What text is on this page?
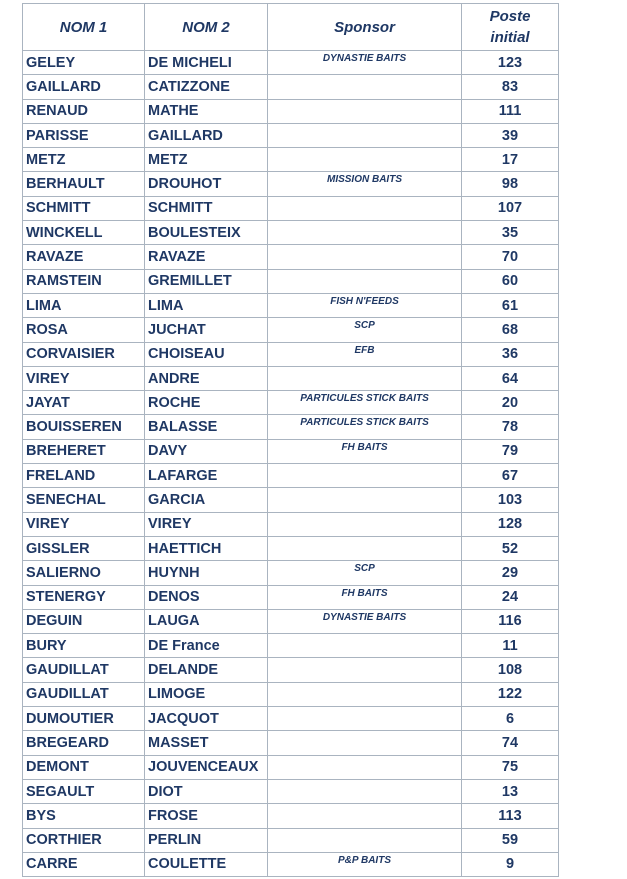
NOM 1	NOM 2	Sponsor	Poste
initial
GELEY	DE MICHELI	DYNASTIE BAITS	123
GAILLARD	CATIZZONE		83
RENAUD	MATHE		111
PARISSE	GAILLARD		39
METZ	METZ		17
BERHAULT	DROUHOT	MISSION BAITS	98
SCHMITT	SCHMITT		107
WINCKELL	BOULESTEIX		35
RAVAZE	RAVAZE		70
RAMSTEIN	GREMILLET		60
LIMA	LIMA	FISH N'FEEDS	61
ROSA	JUCHAT	SCP	68
CORVAISIER	CHOISEAU	EFB	36
VIREY	ANDRE		64
JAYAT	ROCHE	PARTICULES STICK BAITS	20
BOUISSEREN	BALASSE	PARTICULES STICK BAITS	78
BREHERET	DAVY	FH BAITS	79
FRELAND	LAFARGE		67
SENECHAL	GARCIA		103
VIREY	VIREY		128
GISSLER	HAETTICH		52
SALIERNO	HUYNH	SCP	29
STENERGY	DENOS	FH BAITS	24
DEGUIN	LAUGA	DYNASTIE BAITS	116
BURY	DE France		11
GAUDILLAT	DELANDE		108
GAUDILLAT	LIMOGE		122
DUMOUTIER	JACQUOT		6
BREGEARD	MASSET		74
DEMONT	JOUVENCEAUX		75
SEGAULT	DIOT		13
BYS	FROSE		113
CORTHIER	PERLIN		59
CARRE	COULETTE	P&P BAITS	9
